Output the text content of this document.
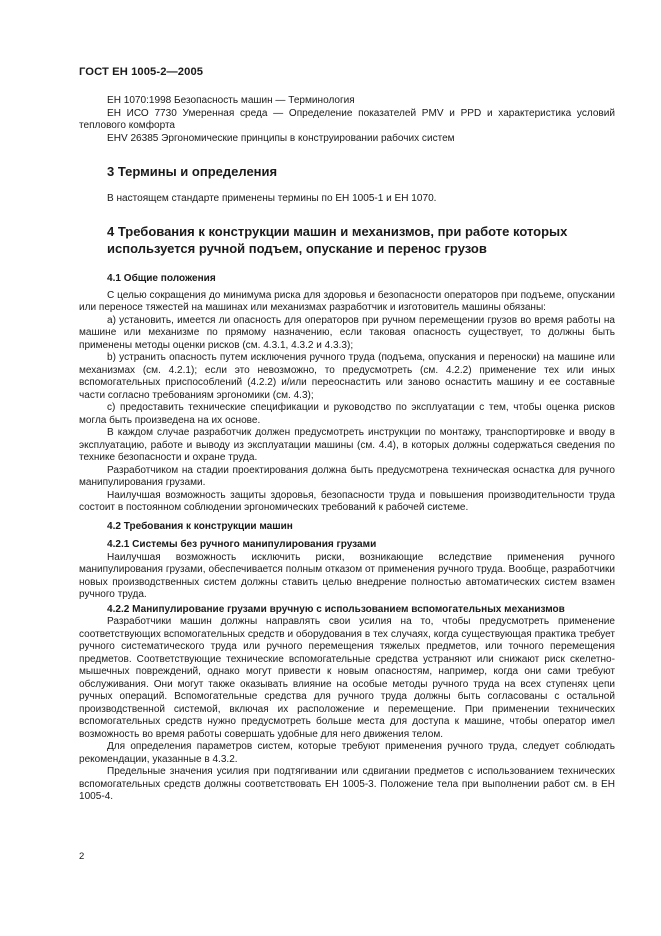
ГОСТ ЕН 1005-2—2005

ЕН 1070:1998 Безопасность машин — Терминология

ЕН ИСО 7730 Умеренная среда — Определение показателей PMV и PPD и характеристика условий теплового комфорта

ЕНV 26385 Эргономические принципы в конструировании рабочих систем

3 Термины и определения

В настоящем стандарте применены термины по ЕН 1005-1 и ЕН 1070.

4 Требования к конструкции машин и механизмов, при работе которых используется ручной подъем, опускание и перенос грузов
4.1 Общие положения

С целью сокращения до минимума риска для здоровья и безопасности операторов при подъеме, опускании или переносе тяжестей на машинах или механизмах разработчик и изготовитель машины обязаны:

а) установить, имеется ли опасность для операторов при ручном перемещении грузов во время работы на машине или механизме по прямому назначению, если таковая опасность существует, то должны быть применены методы оценки рисков (см. 4.3.1, 4.3.2 и 4.3.3);

b) устранить опасность путем исключения ручного труда (подъема, опускания и переноски) на машине или механизмах (см. 4.2.1); если это невозможно, то предусмотреть (см. 4.2.2) применение тех или иных вспомогательных приспособлений (4.2.2) и/или переоснастить или заново оснастить машину и ее составные части согласно требованиям эргономики (см. 4.3);

с) предоставить технические спецификации и руководство по эксплуатации с тем, чтобы оценка рисков могла быть произведена на их основе.

В каждом случае разработчик должен предусмотреть инструкции по монтажу, транспортировке и вводу в эксплуатацию, работе и выводу из эксплуатации машины (см. 4.4), в которых должны содержаться сведения по технике безопасности и охране труда.

Разработчиком на стадии проектирования должна быть предусмотрена техническая оснастка для ручного манипулирования грузами.

Наилучшая возможность защиты здоровья, безопасности труда и повышения производительности труда состоит в постоянном соблюдении эргономических требований к рабочей системе.

4.2 Требования к конструкции машин
4.2.1 Системы без ручного манипулирования грузами

Наилучшая возможность исключить риски, возникающие вследствие применения ручного манипулирования грузами, обеспечивается полным отказом от применения ручного труда. Вообще, разработчики новых производственных систем должны ставить целью внедрение полностью автоматических систем взамен ручного труда.

4.2.2 Манипулирование грузами вручную с использованием вспомогательных механизмов

Разработчики машин должны направлять свои усилия на то, чтобы предусмотреть применение соответствующих вспомогательных средств и оборудования в тех случаях, когда существующая практика требует ручного систематического труда или ручного перемещения тяжелых предметов, или точного перемещения предметов. Соответствующие технические вспомогательные средства устраняют или снижают риск скелетно-мышечных повреждений, однако могут привести к новым опасностям, например, когда они сами требуют обслуживания. Они могут также оказывать влияние на особые методы ручного труда на всех ступенях цепи ручных операций. Вспомогательные средства для ручного труда должны быть согласованы с остальной производственной системой, включая их расположение и перемещение. При применении технических вспомогательных средств нужно предусмотреть больше места для доступа к машине, чтобы оператор имел возможность во время работы совершать удобные для него движения телом.

Для определения параметров систем, которые требуют применения ручного труда, следует соблюдать рекомендации, указанные в 4.3.2.

Предельные значения усилия при подтягивании или сдвигании предметов с использованием технических вспомогательных средств должны соответствовать ЕН 1005-3. Положение тела при выполнении работ см. в ЕН 1005-4.

2
